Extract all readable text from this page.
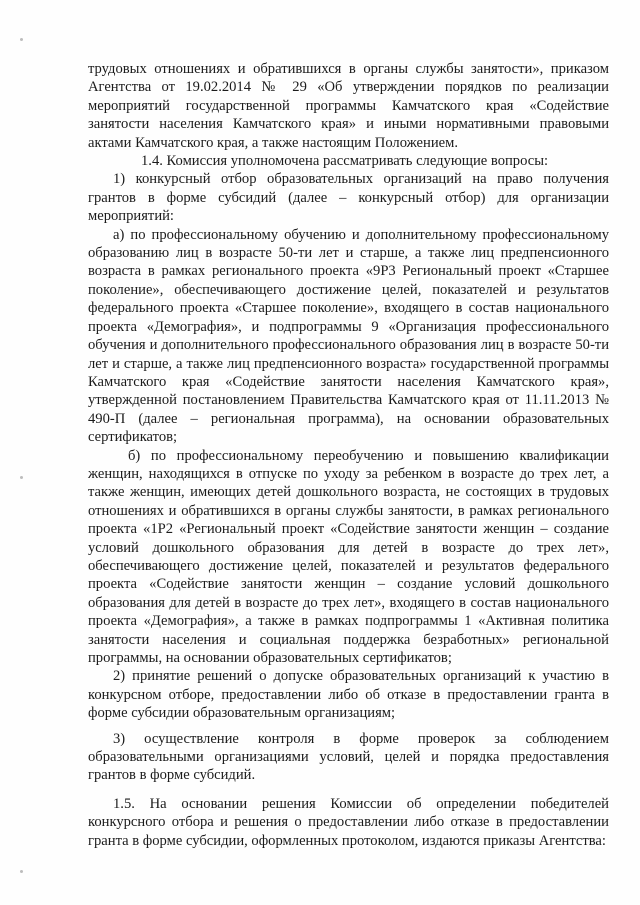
трудовых отношениях и обратившихся в органы службы занятости», приказом Агентства от 19.02.2014 № 29 «Об утверждении порядков по реализации мероприятий государственной программы Камчатского края «Содействие занятости населения Камчатского края» и иными нормативными правовыми актами Камчатского края, а также настоящим Положением.

1.4. Комиссия уполномочена рассматривать следующие вопросы:

1) конкурсный отбор образовательных организаций на право получения грантов в форме субсидий (далее – конкурсный отбор) для организации мероприятий:

а) по профессиональному обучению и дополнительному профессиональному образованию лиц в возрасте 50-ти лет и старше, а также лиц предпенсионного возраста в рамках регионального проекта «9Р3 Региональный проект «Старшее поколение», обеспечивающего достижение целей, показателей и результатов федерального проекта «Старшее поколение», входящего в состав национального проекта «Демография», и подпрограммы 9 «Организация профессионального обучения и дополнительного профессионального образования лиц в возрасте 50-ти лет и старше, а также лиц предпенсионного возраста» государственной программы Камчатского края «Содействие занятости населения Камчатского края», утвержденной постановлением Правительства Камчатского края от 11.11.2013 № 490-П (далее – региональная программа), на основании образовательных сертификатов;

б) по профессиональному переобучению и повышению квалификации женщин, находящихся в отпуске по уходу за ребенком в возрасте до трех лет, а также женщин, имеющих детей дошкольного возраста, не состоящих в трудовых отношениях и обратившихся в органы службы занятости, в рамках регионального проекта «1Р2 «Региональный проект «Содействие занятости женщин – создание условий дошкольного образования для детей в возрасте до трех лет», обеспечивающего достижение целей, показателей и результатов федерального проекта «Содействие занятости женщин – создание условий дошкольного образования для детей в возрасте до трех лет», входящего в состав национального проекта «Демография», а также в рамках подпрограммы 1 «Активная политика занятости населения и социальная поддержка безработных» региональной программы, на основании образовательных сертификатов;

2) принятие решений о допуске образовательных организаций к участию в конкурсном отборе, предоставлении либо об отказе в предоставлении гранта в форме субсидии образовательным организациям;

3) осуществление контроля в форме проверок за соблюдением образовательными организациями условий, целей и порядка предоставления грантов в форме субсидий.

1.5. На основании решения Комиссии об определении победителей конкурсного отбора и решения о предоставлении либо отказе в предоставлении гранта в форме субсидии, оформленных протоколом, издаются приказы Агентства:
